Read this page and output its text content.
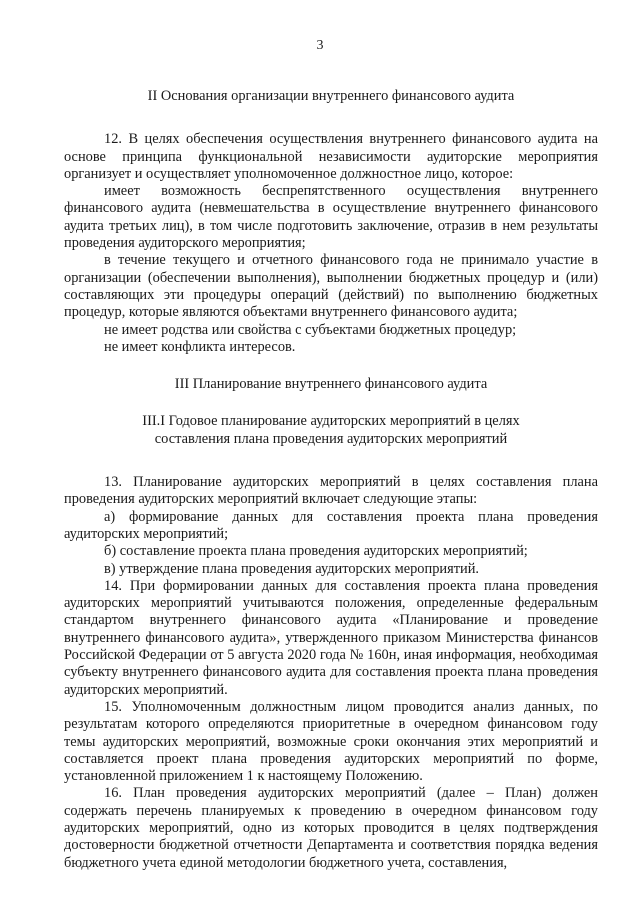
3

II Основания организации внутреннего финансового аудита

12. В целях обеспечения осуществления внутреннего финансового аудита на основе принципа функциональной независимости аудиторские мероприятия организует и осуществляет уполномоченное должностное лицо, которое:

имеет возможность беспрепятственного осуществления внутреннего финансового аудита (невмешательства в осуществление внутреннего финансового аудита третьих лиц), в том числе подготовить заключение, отразив в нем результаты проведения аудиторского мероприятия;

в течение текущего и отчетного финансового года не принимало участие в организации (обеспечении выполнения), выполнении бюджетных процедур и (или) составляющих эти процедуры операций (действий) по выполнению бюджетных процедур, которые являются объектами внутреннего финансового аудита;

не имеет родства или свойства с субъектами бюджетных процедур;

не имеет конфликта интересов.

III Планирование внутреннего финансового аудита

III.I Годовое планирование аудиторских мероприятий в целях

составления плана проведения аудиторских мероприятий

13. Планирование аудиторских мероприятий в целях составления плана проведения аудиторских мероприятий включает следующие этапы:

а) формирование данных для составления проекта плана проведения аудиторских мероприятий;

б) составление проекта плана проведения аудиторских мероприятий;

в) утверждение плана проведения аудиторских мероприятий.

14. При формировании данных для составления проекта плана проведения аудиторских мероприятий учитываются положения, определенные федеральным стандартом внутреннего финансового аудита «Планирование и проведение внутреннего финансового аудита», утвержденного приказом Министерства финансов Российской Федерации от 5 августа 2020 года № 160н, иная информация, необходимая субъекту внутреннего финансового аудита для составления проекта плана проведения аудиторских мероприятий.

15. Уполномоченным должностным лицом проводится анализ данных, по результатам которого определяются приоритетные в очередном финансовом году темы аудиторских мероприятий, возможные сроки окончания этих мероприятий и составляется проект плана проведения аудиторских мероприятий по форме, установленной приложением 1 к настоящему Положению.

16. План проведения аудиторских мероприятий (далее – План) должен содержать перечень планируемых к проведению в очередном финансовом году аудиторских мероприятий, одно из которых проводится в целях подтверждения достоверности бюджетной отчетности Департамента и соответствия порядка ведения бюджетного учета единой методологии бюджетного учета, составления,
